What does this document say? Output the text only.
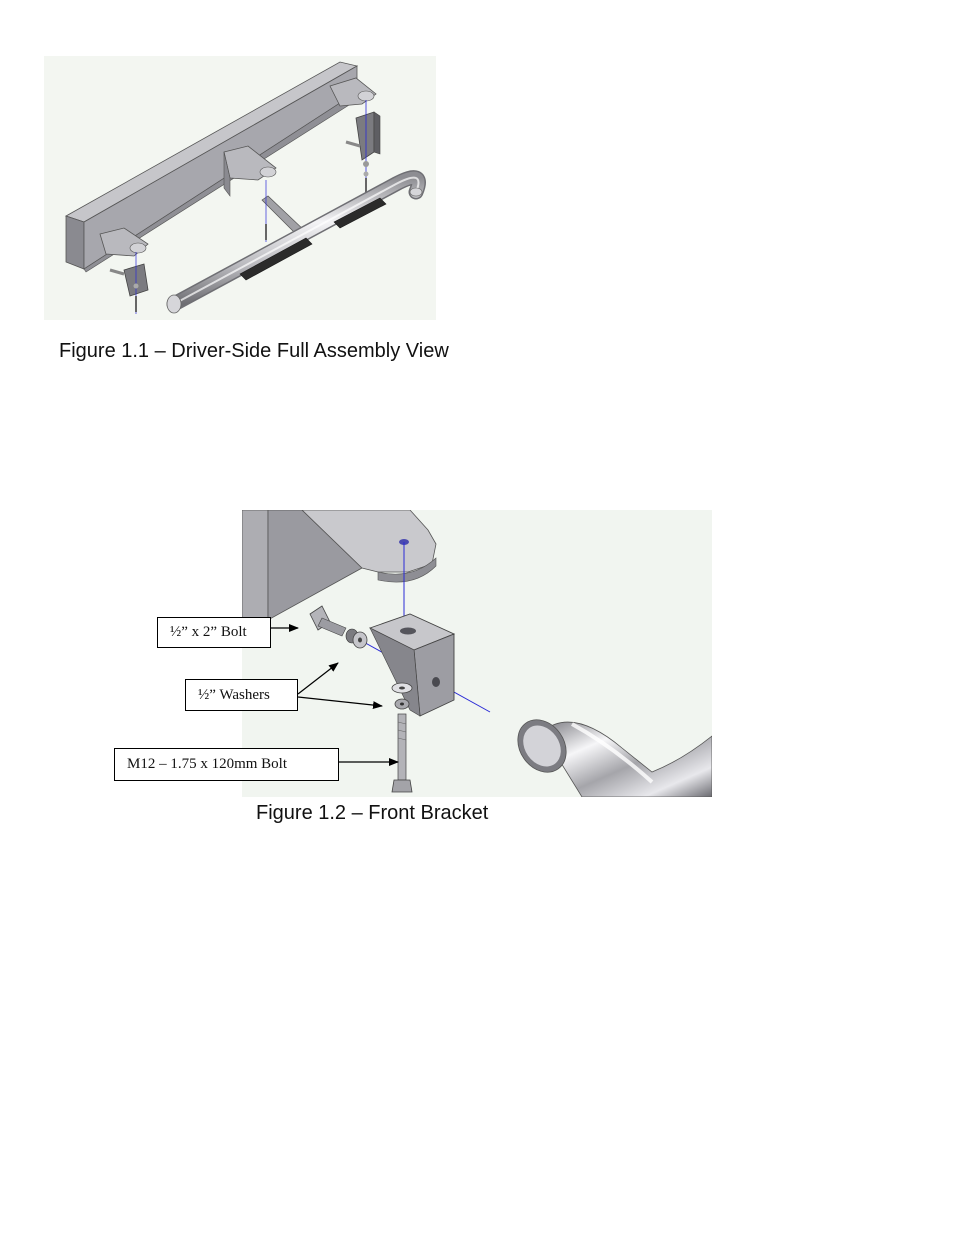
Figure 1.1 – Driver-Side Full Assembly View

½” x 2” Bolt
½” Washers
M12 – 1.75 x 120mm Bolt

Figure 1.2 – Front Bracket
